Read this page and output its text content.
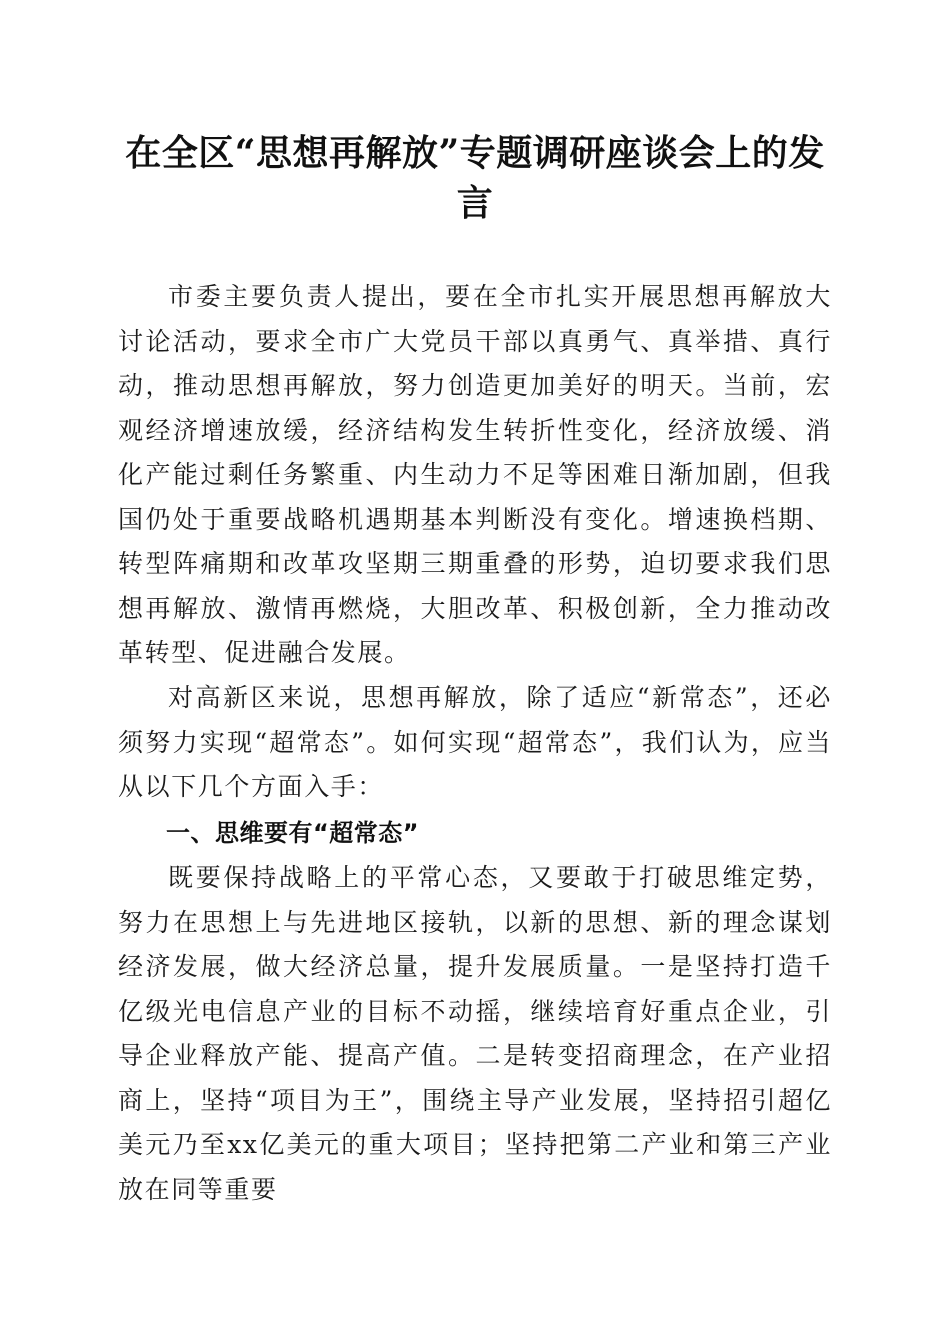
在全区“思想再解放”专题调研座谈会上的发言

市委主要负责人提出，要在全市扎实开展思想再解放大讨论活动，要求全市广大党员干部以真勇气、真举措、真行动，推动思想再解放，努力创造更加美好的明天。当前，宏观经济增速放缓，经济结构发生转折性变化，经济放缓、消化产能过剩任务繁重、内生动力不足等困难日渐加剧，但我国仍处于重要战略机遇期基本判断没有变化。增速换档期、转型阵痛期和改革攻坚期三期重叠的形势，迫切要求我们思想再解放、激情再燃烧，大胆改革、积极创新，全力推动改革转型、促进融合发展。

对高新区来说，思想再解放，除了适应“新常态”，还必须努力实现“超常态”。如何实现“超常态”，我们认为，应当从以下几个方面入手：

一、思维要有“超常态”

既要保持战略上的平常心态，又要敢于打破思维定势，努力在思想上与先进地区接轨，以新的思想、新的理念谋划经济发展，做大经济总量，提升发展质量。一是坚持打造千亿级光电信息产业的目标不动摇，继续培育好重点企业，引导企业释放产能、提高产值。二是转变招商理念，在产业招商上，坚持“项目为王”，围绕主导产业发展，坚持招引超亿美元乃至xx亿美元的重大项目；坚持把第二产业和第三产业放在同等重要
